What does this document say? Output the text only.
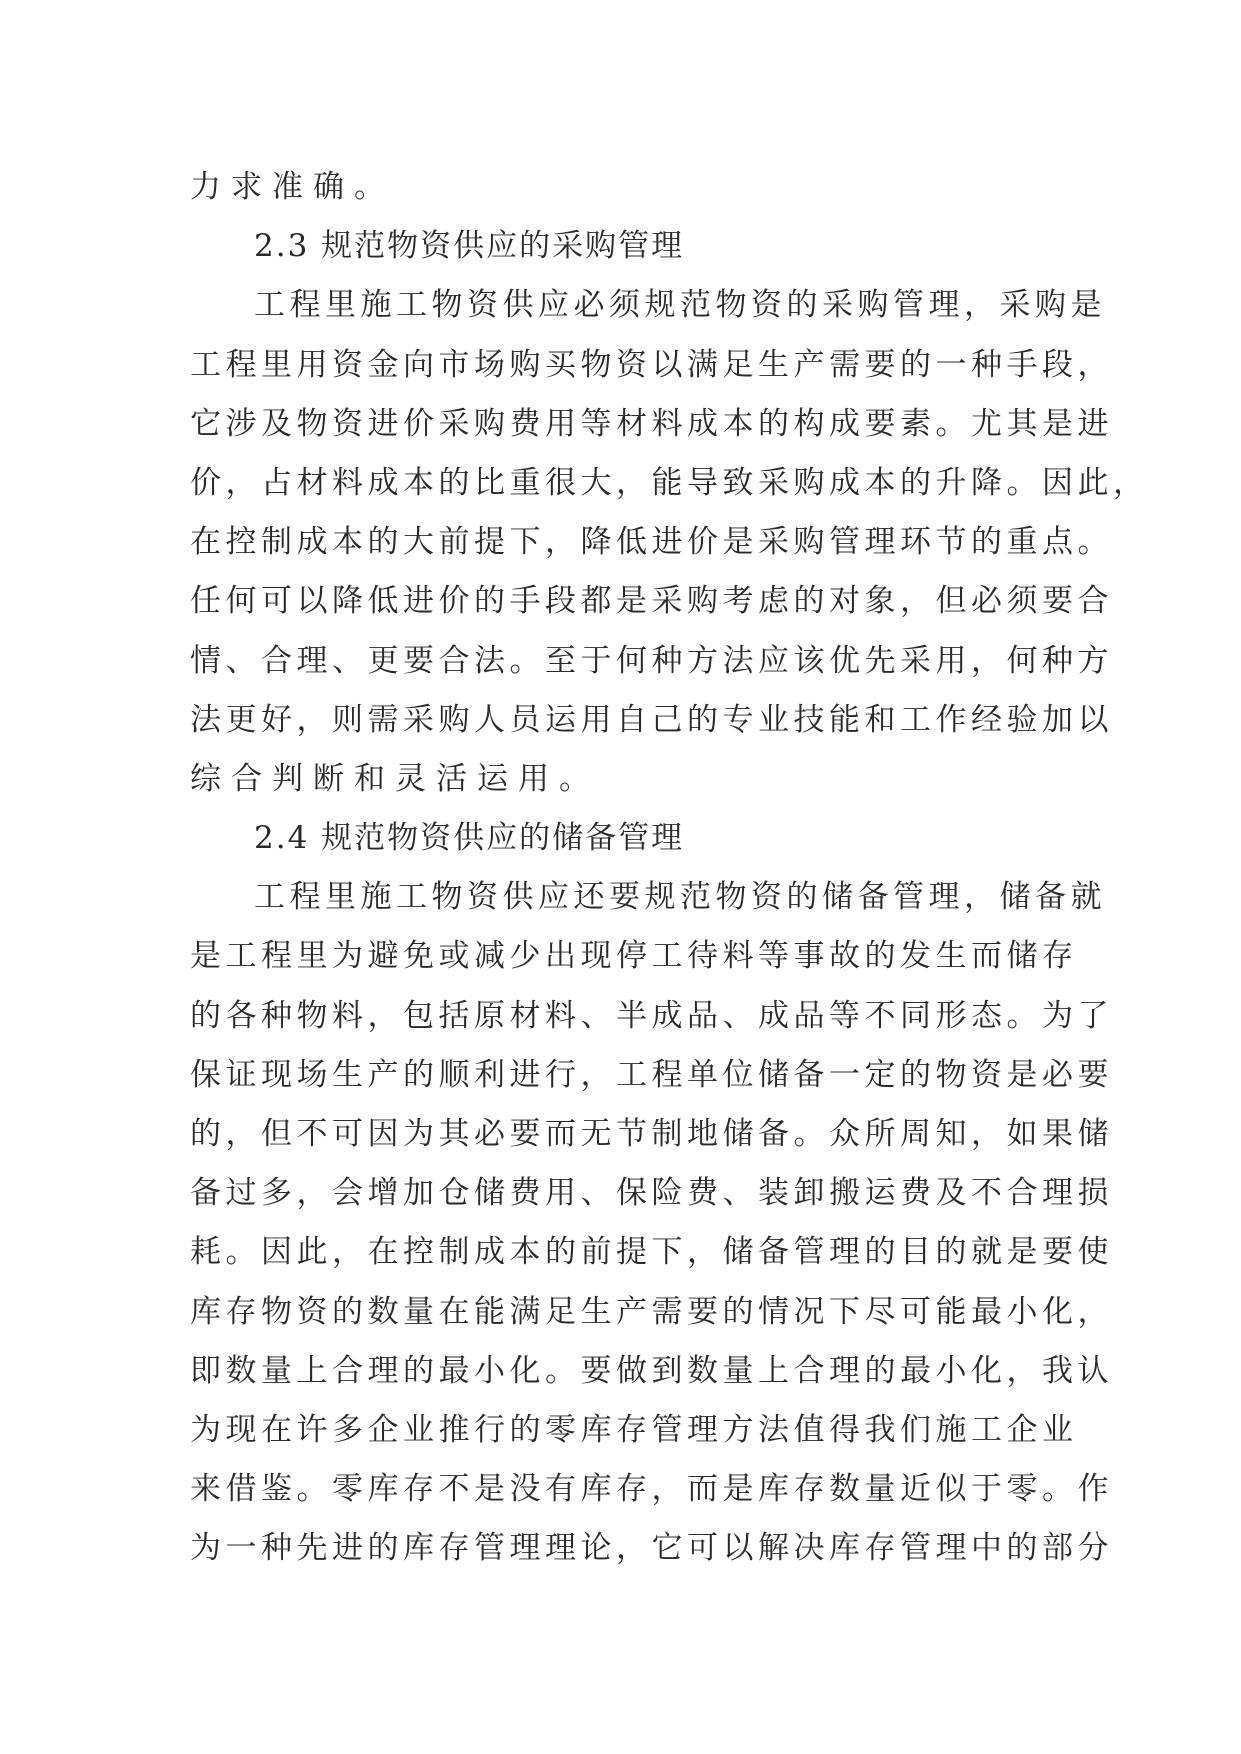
力求准确。
2.3 规范物资供应的采购管理
工程里施工物资供应必须规范物资的采购管理，采购是
工程里用资金向市场购买物资以满足生产需要的一种手段，
它涉及物资进价采购费用等材料成本的构成要素。尤其是进
价，占材料成本的比重很大，能导致采购成本的升降。因此，
在控制成本的大前提下，降低进价是采购管理环节的重点。
任何可以降低进价的手段都是采购考虑的对象，但必须要合
情、合理、更要合法。至于何种方法应该优先采用，何种方
法更好，则需采购人员运用自己的专业技能和工作经验加以
综合判断和灵活运用。
2.4 规范物资供应的储备管理
工程里施工物资供应还要规范物资的储备管理，储备就
是工程里为避免或减少出现停工待料等事故的发生而储存
的各种物料，包括原材料、半成品、成品等不同形态。为了
保证现场生产的顺利进行，工程单位储备一定的物资是必要
的，但不可因为其必要而无节制地储备。众所周知，如果储
备过多，会增加仓储费用、保险费、装卸搬运费及不合理损
耗。因此，在控制成本的前提下，储备管理的目的就是要使
库存物资的数量在能满足生产需要的情况下尽可能最小化，
即数量上合理的最小化。要做到数量上合理的最小化，我认
为现在许多企业推行的零库存管理方法值得我们施工企业
来借鉴。零库存不是没有库存，而是库存数量近似于零。作
为一种先进的库存管理理论，它可以解决库存管理中的部分
